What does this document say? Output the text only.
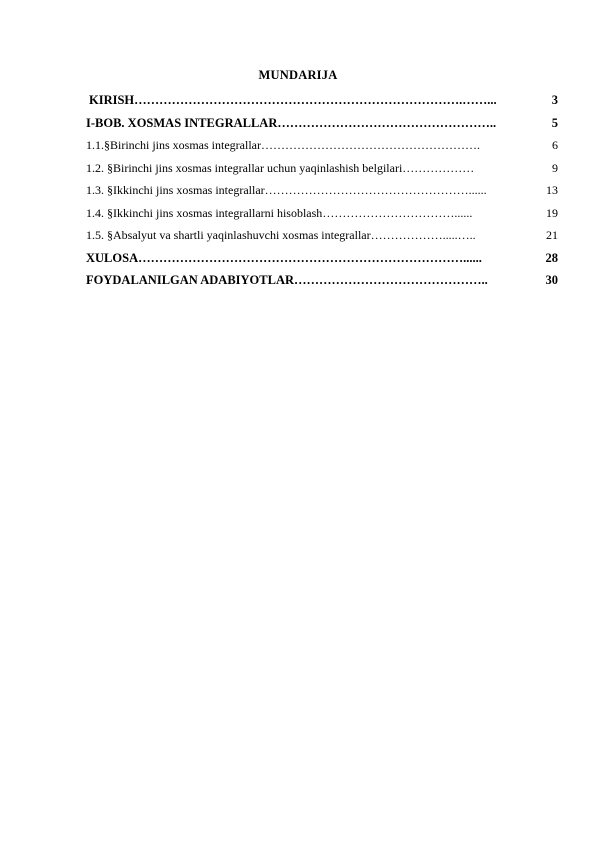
MUNDARIJA
KIRISH …………………………………………………………………….……...	3
I-BOB. XOSMAS INTEGRALLAR ……………………………………………..	5
1.1.§Birinchi jins xosmas integrallar ……………………………………………….	6
1.2. §Birinchi jins xosmas integrallar uchun yaqinlashish belgilari ………………	9
1.3. §Ikkinchi jins xosmas integrallar ……………………………………………......	13
1.4. §Ikkinchi jins xosmas integrallarni hisoblash ……………………………......	19
1.5. §Absalyut va shartli yaqinlashuvchi xosmas integrallar ……………….....…..	21
XULOSA ……………………………………………………………………......	28
FOYDALANILGAN ADABIYOTLAR ………………………………………..	30
